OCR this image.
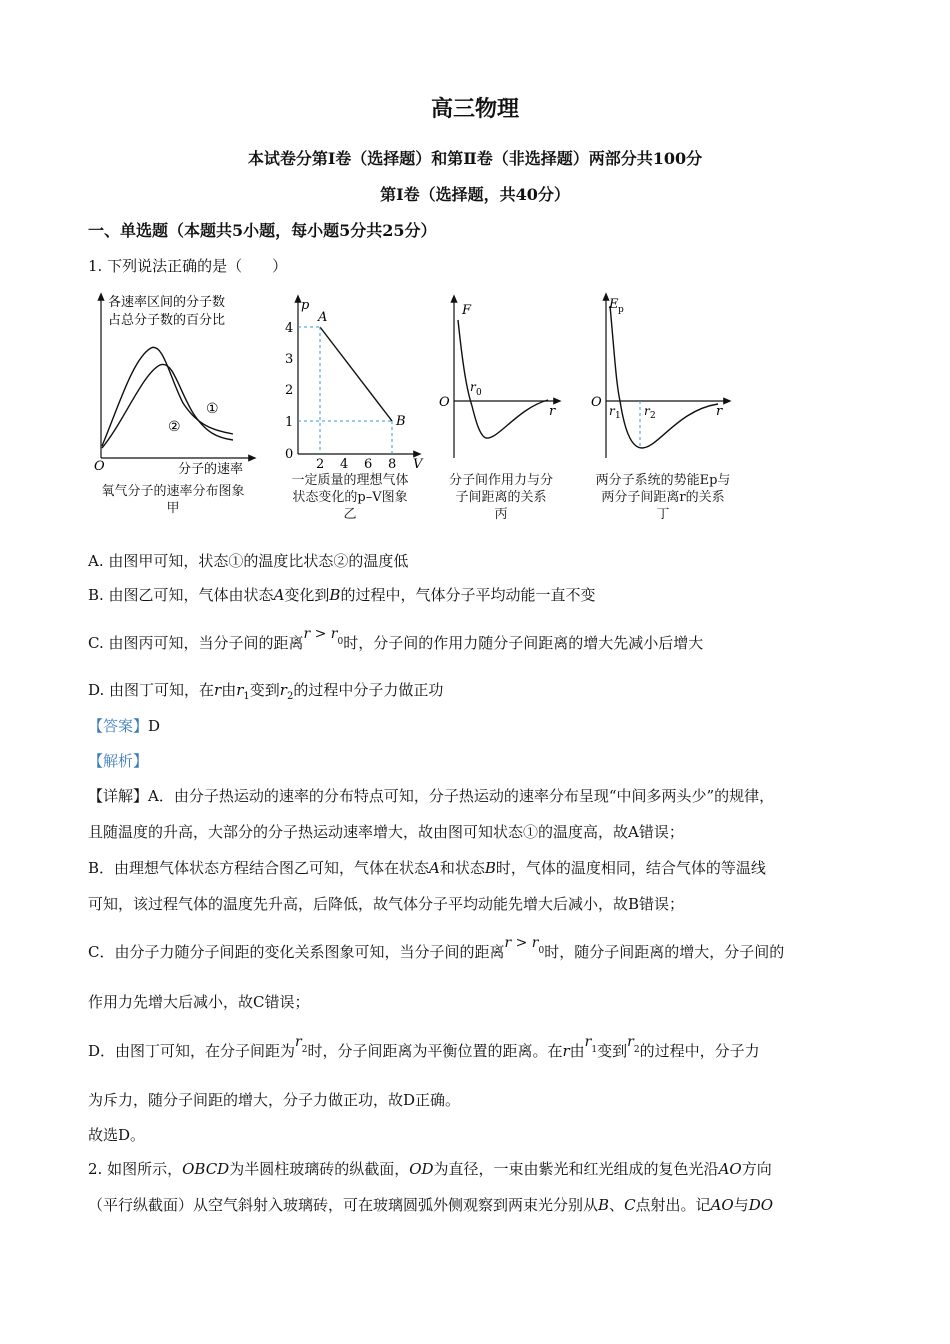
高三物理
本试卷分第Ⅰ卷（选择题）和第Ⅱ卷（非选择题）两部分共100分
第I卷（选择题，共40分）
一、单选题（本题共5小题，每小题5分共25分）
1. 下列说法正确的是（　　）
各速率区间的分子数
占总分子数的百分比
O	分子的速率
①
②
p
V
A
B
4
3
2
1
0
2 4 6 8
F
O
r 0
r
E p
O
r 1 r 2	r
氧气分子的速率分布图象
甲
一定质量的理想气体
状态变化的p–V图象
乙
分子间作用力与分
子间距离的关系
丙
两分子系统的势能Ep与
两分子间距离r的关系
丁
A. 由图甲可知，状态①的温度比状态②的温度低
B. 由图乙可知，气体由状态A变化到B的过程中，气体分子平均动能一直不变
C. 由图丙可知，当分子间的距离$r > r_0$时，分子间的作用力随分子间距离的增大先减小后增大
D. 由图丁可知，在r由$r_1$变到$r_2$的过程中分子力做正功
【答案】D
【解析】
【详解】A．由分子热运动的速率的分布特点可知，分子热运动的速率分布呈现“中间多两头少”的规律，
且随温度的升高，大部分的分子热运动速率增大，故由图可知状态①的温度高，故A错误；
B．由理想气体状态方程结合图乙可知，气体在状态A和状态B时，气体的温度相同，结合气体的等温线
可知，该过程气体的温度先升高，后降低，故气体分子平均动能先增大后减小，故B错误；
C．由分子力随分子间距的变化关系图象可知，当分子间的距离$r > r_0$时，随分子间距离的增大，分子间的
作用力先增大后减小，故C错误；
D．由图丁可知，在分子间距为$r_2$时，分子间距离为平衡位置的距离。在r由$r_1$变到$r_2$的过程中，分子力
为斥力，随分子间距的增大，分子力做正功，故D正确。
故选D。
2. 如图所示，OBCD为半圆柱玻璃砖的纵截面，OD为直径，一束由紫光和红光组成的复色光沿AO方向
（平行纵截面）从空气斜射入玻璃砖，可在玻璃圆弧外侧观察到两束光分别从B、C点射出。记AO与DO
